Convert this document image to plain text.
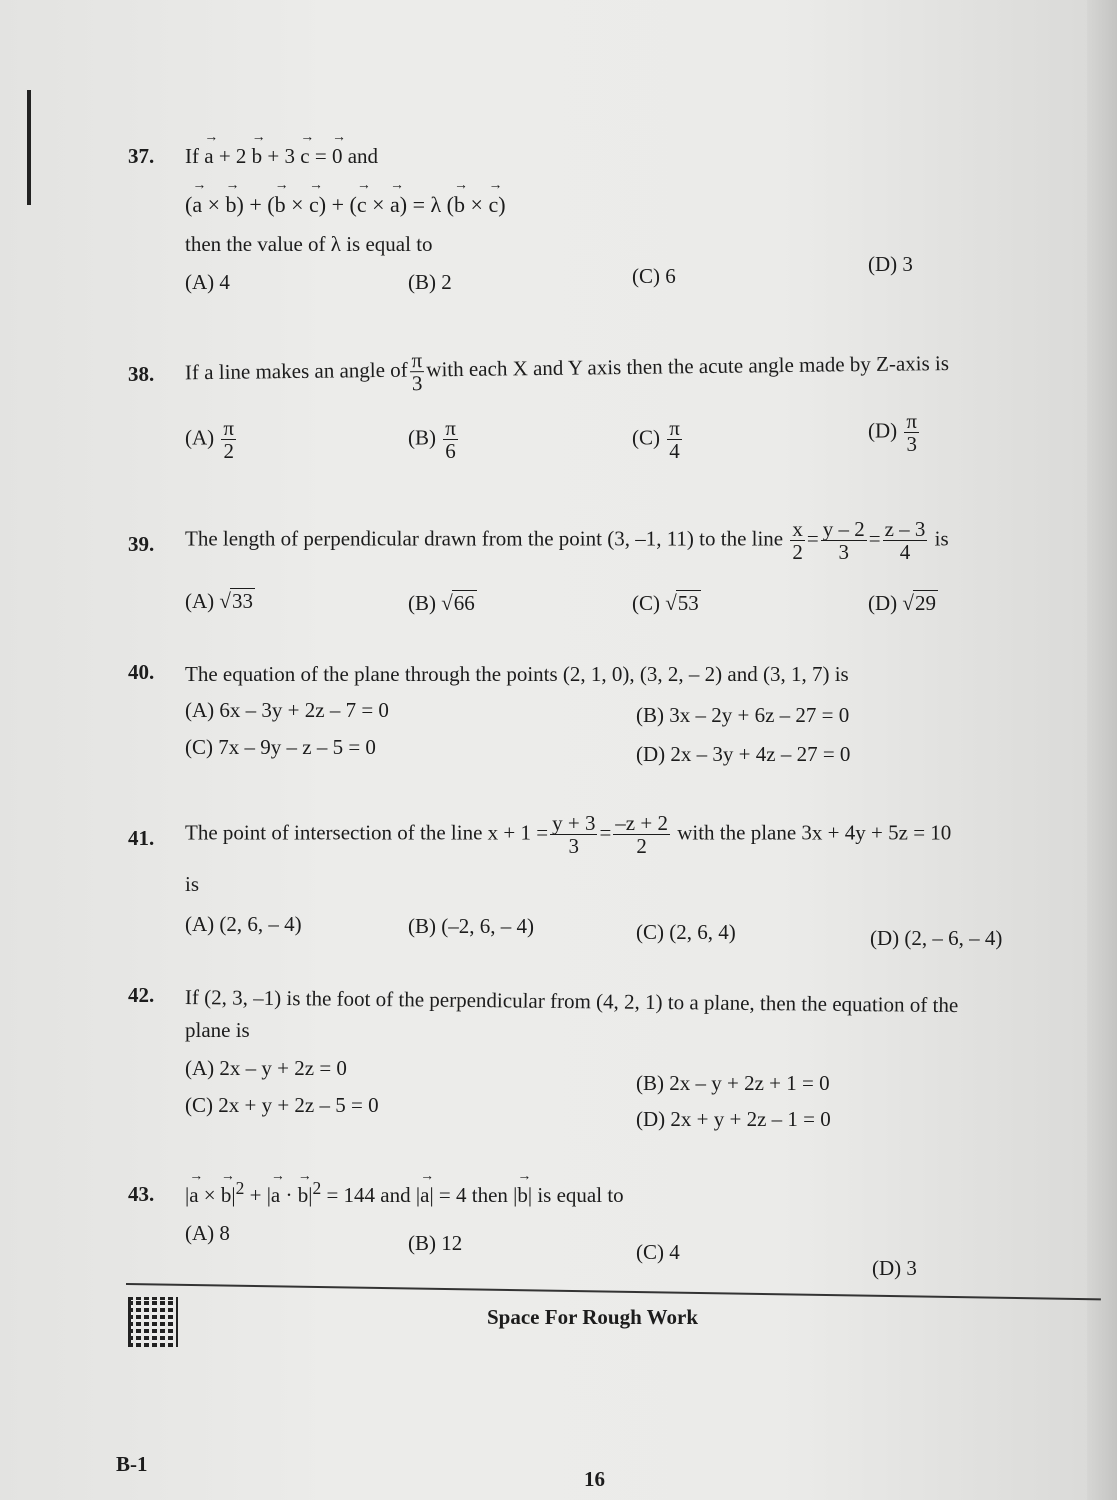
37. If → a + 2 → b + 3 → c = → 0 and
(→ a × → b) + (→ b × → c) + (→ c × → a) = λ (→ b × → c)
then the value of λ is equal to
(A) 4	(B) 2	(C) 6	(D) 3
38. If a line makes an angle of $\frac{\pi}{3}$ with each X and Y axis then the acute angle made by Z-axis is
$(A) \frac{\pi}{2}$	$(B) \frac{\pi}{6}$	$(C) \frac{\pi}{4}$	$(D) \frac{\pi}{3}$
39. The length of perpendicular drawn from the point (3, –1, 11) to the line $\frac{x}{2} = \frac{y - 2}{3} = \frac{z - 3}{4}$ is
(A) √33	(B) √66	(C) √53	(D) √29
40. The equation of the plane through the points (2, 1, 0), (3, 2, – 2) and (3, 1, 7) is
(A) 6x – 3y + 2z – 7 = 0	(B) 3x – 2y + 6z – 27 = 0
(C) 7x – 9y – z – 5 = 0	(D) 2x – 3y + 4z – 27 = 0
41. The point of intersection of the line $x + 1 = \frac{y + 3}{3} = \frac{-z + 2}{2}$ with the plane 3x + 4y + 5z = 10
is
(A) (2, 6, – 4)	(B) (–2, 6, – 4)	(C) (2, 6, 4)	(D) (2, – 6, – 4)
42. If (2, 3, –1) is the foot of the perpendicular from (4, 2, 1) to a plane, then the equation of the
plane is
(A) 2x – y + 2z = 0
(B) 2x – y + 2z + 1 = 0
(C) 2x + y + 2z – 5 = 0
(D) 2x + y + 2z – 1 = 0
43. |→ a × → $b|^2$ + |→ a · → $b|^2 = 144$ and |→ a| = 4 then |→ b| is equal to
(A) 8	(B) 12	(C) 4
(D) 3
Space For Rough Work
B-1
16
